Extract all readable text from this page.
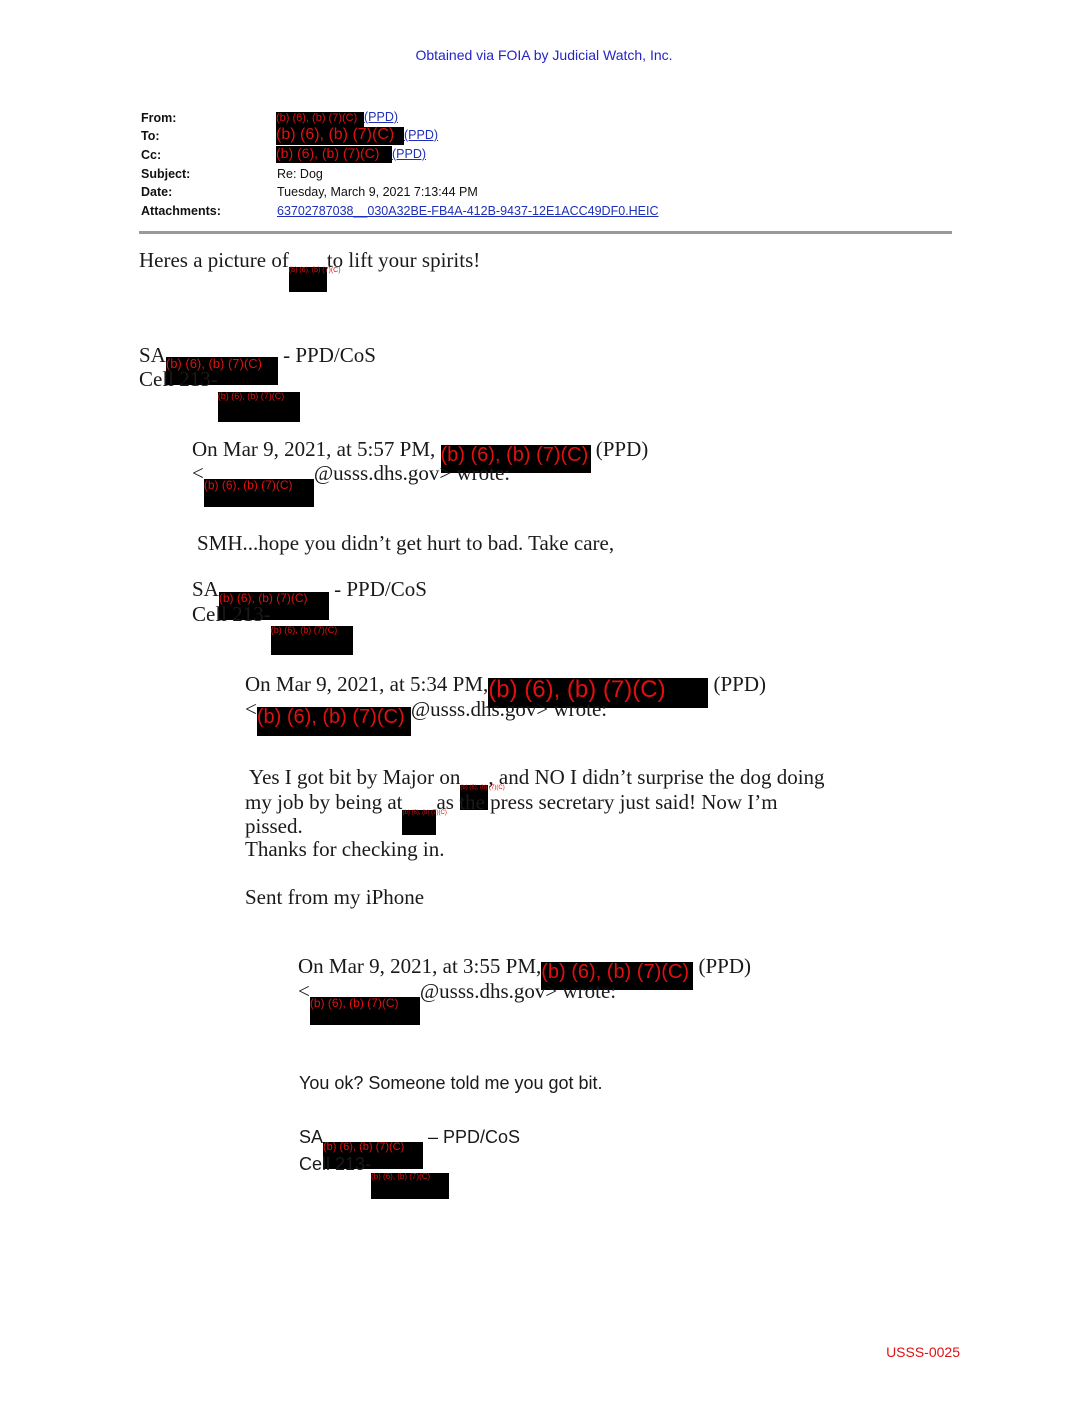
Obtained via FOIA by Judicial Watch, Inc.
From:
To:
Cc:
Subject:
Date:
Attachments:
(b) (6), (b) (7)(C) (PPD)
(b) (6), (b) (7)(C) (PPD)
(b) (6), (b) (7)(C) (PPD)
Re: Dog
Tuesday, March 9, 2021 7:13:44 PM
63702787038__030A32BE-FB4A-412B-9437-12E1ACC49DF0.HEIC
Heres a picture of(b) (6), (b) (7)(C)to lift your spirits!
SA(b) (6), (b) (7)(C) - PPD/CoS
Cell 213-(b) (6), (b) (7)(C)
On Mar 9, 2021, at 5:57 PM, (b) (6), (b) (7)(C) (PPD)
<(b) (6), (b) (7)(C) @usss.dhs.gov> wrote:
SMH...hope you didn’t get hurt to bad. Take care,
SA(b) (6), (b) (7)(C) - PPD/CoS
Cell 213-(b) (6), (b) (7)(C)
On Mar 9, 2021, at 5:34 PM,(b) (6), (b) (7)(C) (PPD)
<(b) (6), (b) (7)(C) @usss.dhs.gov> wrote:
Yes I got bit by Major on(b) (6), (b) (7)(C), and NO I didn’t surprise the dog doing
my job by being at(b) (6), (b) (7)(C)as the press secretary just said! Now I’m
pissed.
Thanks for checking in.
Sent from my iPhone
On Mar 9, 2021, at 3:55 PM,(b) (6), (b) (7)(C) (PPD)
<(b) (6), (b) (7)(C) @usss.dhs.gov> wrote:
You ok? Someone told me you got bit.
SA(b) (6), (b) (7)(C) – PPD/CoS
Cell 213-(b) (6), (b) (7)(C)
USSS-0025
